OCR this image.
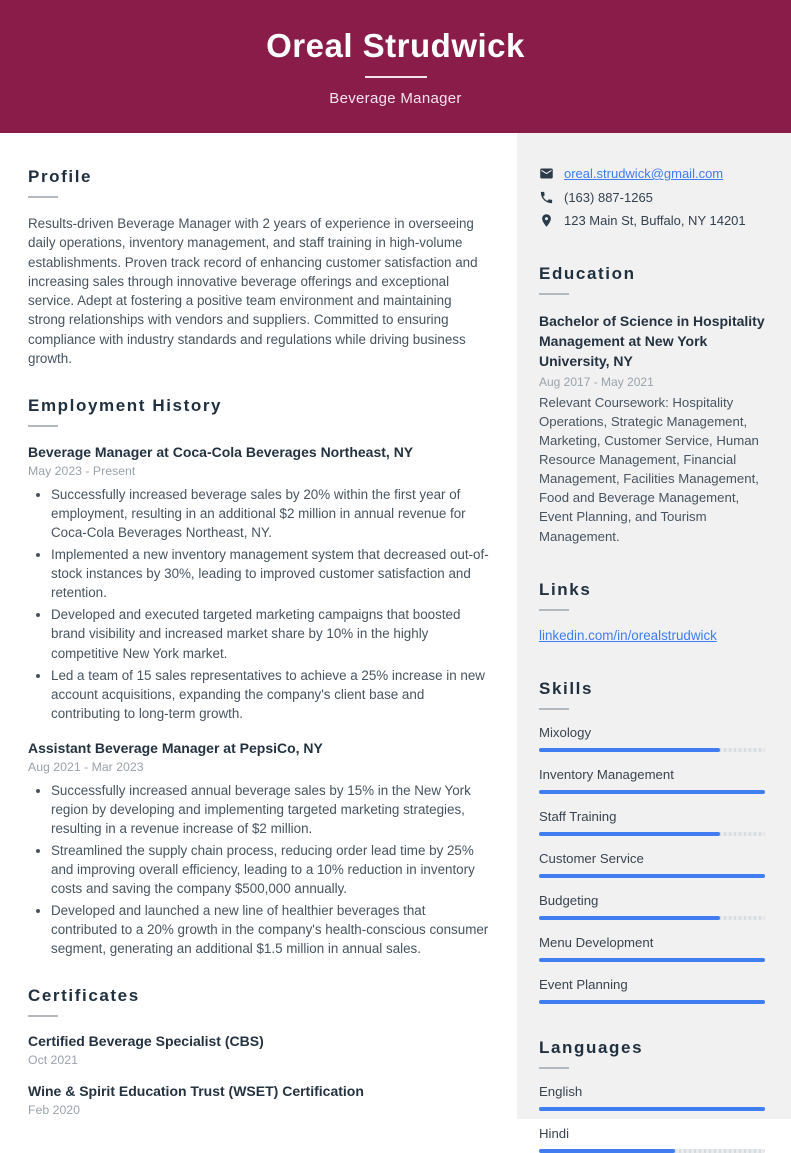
Oreal Strudwick
Beverage Manager
Profile

Results-driven Beverage Manager with 2 years of experience in overseeing daily operations, inventory management, and staff training in high-volume establishments. Proven track record of enhancing customer satisfaction and increasing sales through innovative beverage offerings and exceptional service. Adept at fostering a positive team environment and maintaining strong relationships with vendors and suppliers. Committed to ensuring compliance with industry standards and regulations while driving business growth.

Employment History
Beverage Manager at Coca-Cola Beverages Northeast, NY
May 2023 - Present
• Successfully increased beverage sales by 20% within the first year of employment, resulting in an additional $2 million in annual revenue for Coca-Cola Beverages Northeast, NY.
• Implemented a new inventory management system that decreased out-of-stock instances by 30%, leading to improved customer satisfaction and retention.
• Developed and executed targeted marketing campaigns that boosted brand visibility and increased market share by 10% in the highly competitive New York market.
• Led a team of 15 sales representatives to achieve a 25% increase in new account acquisitions, expanding the company's client base and contributing to long-term growth.
Assistant Beverage Manager at PepsiCo, NY
Aug 2021 - Mar 2023
• Successfully increased annual beverage sales by 15% in the New York region by developing and implementing targeted marketing strategies, resulting in a revenue increase of $2 million.
• Streamlined the supply chain process, reducing order lead time by 25% and improving overall efficiency, leading to a 10% reduction in inventory costs and saving the company $500,000 annually.
• Developed and launched a new line of healthier beverages that contributed to a 20% growth in the company's health-conscious consumer segment, generating an additional $1.5 million in annual sales.
Certificates
Certified Beverage Specialist (CBS)
Oct 2021
Wine & Spirit Education Trust (WSET) Certification
Feb 2020
oreal.strudwick@gmail.com
(163) 887-1265
123 Main St, Buffalo, NY 14201
Education
Bachelor of Science in Hospitality Management at New York University, NY
Aug 2017 - May 2021

Relevant Coursework: Hospitality Operations, Strategic Management, Marketing, Customer Service, Human Resource Management, Financial Management, Facilities Management, Food and Beverage Management, Event Planning, and Tourism Management.

Links
linkedin.com/in/orealstrudwick
Skills
Mixology
Inventory Management
Staff Training
Customer Service
Budgeting
Menu Development
Event Planning
Languages
English
Hindi
